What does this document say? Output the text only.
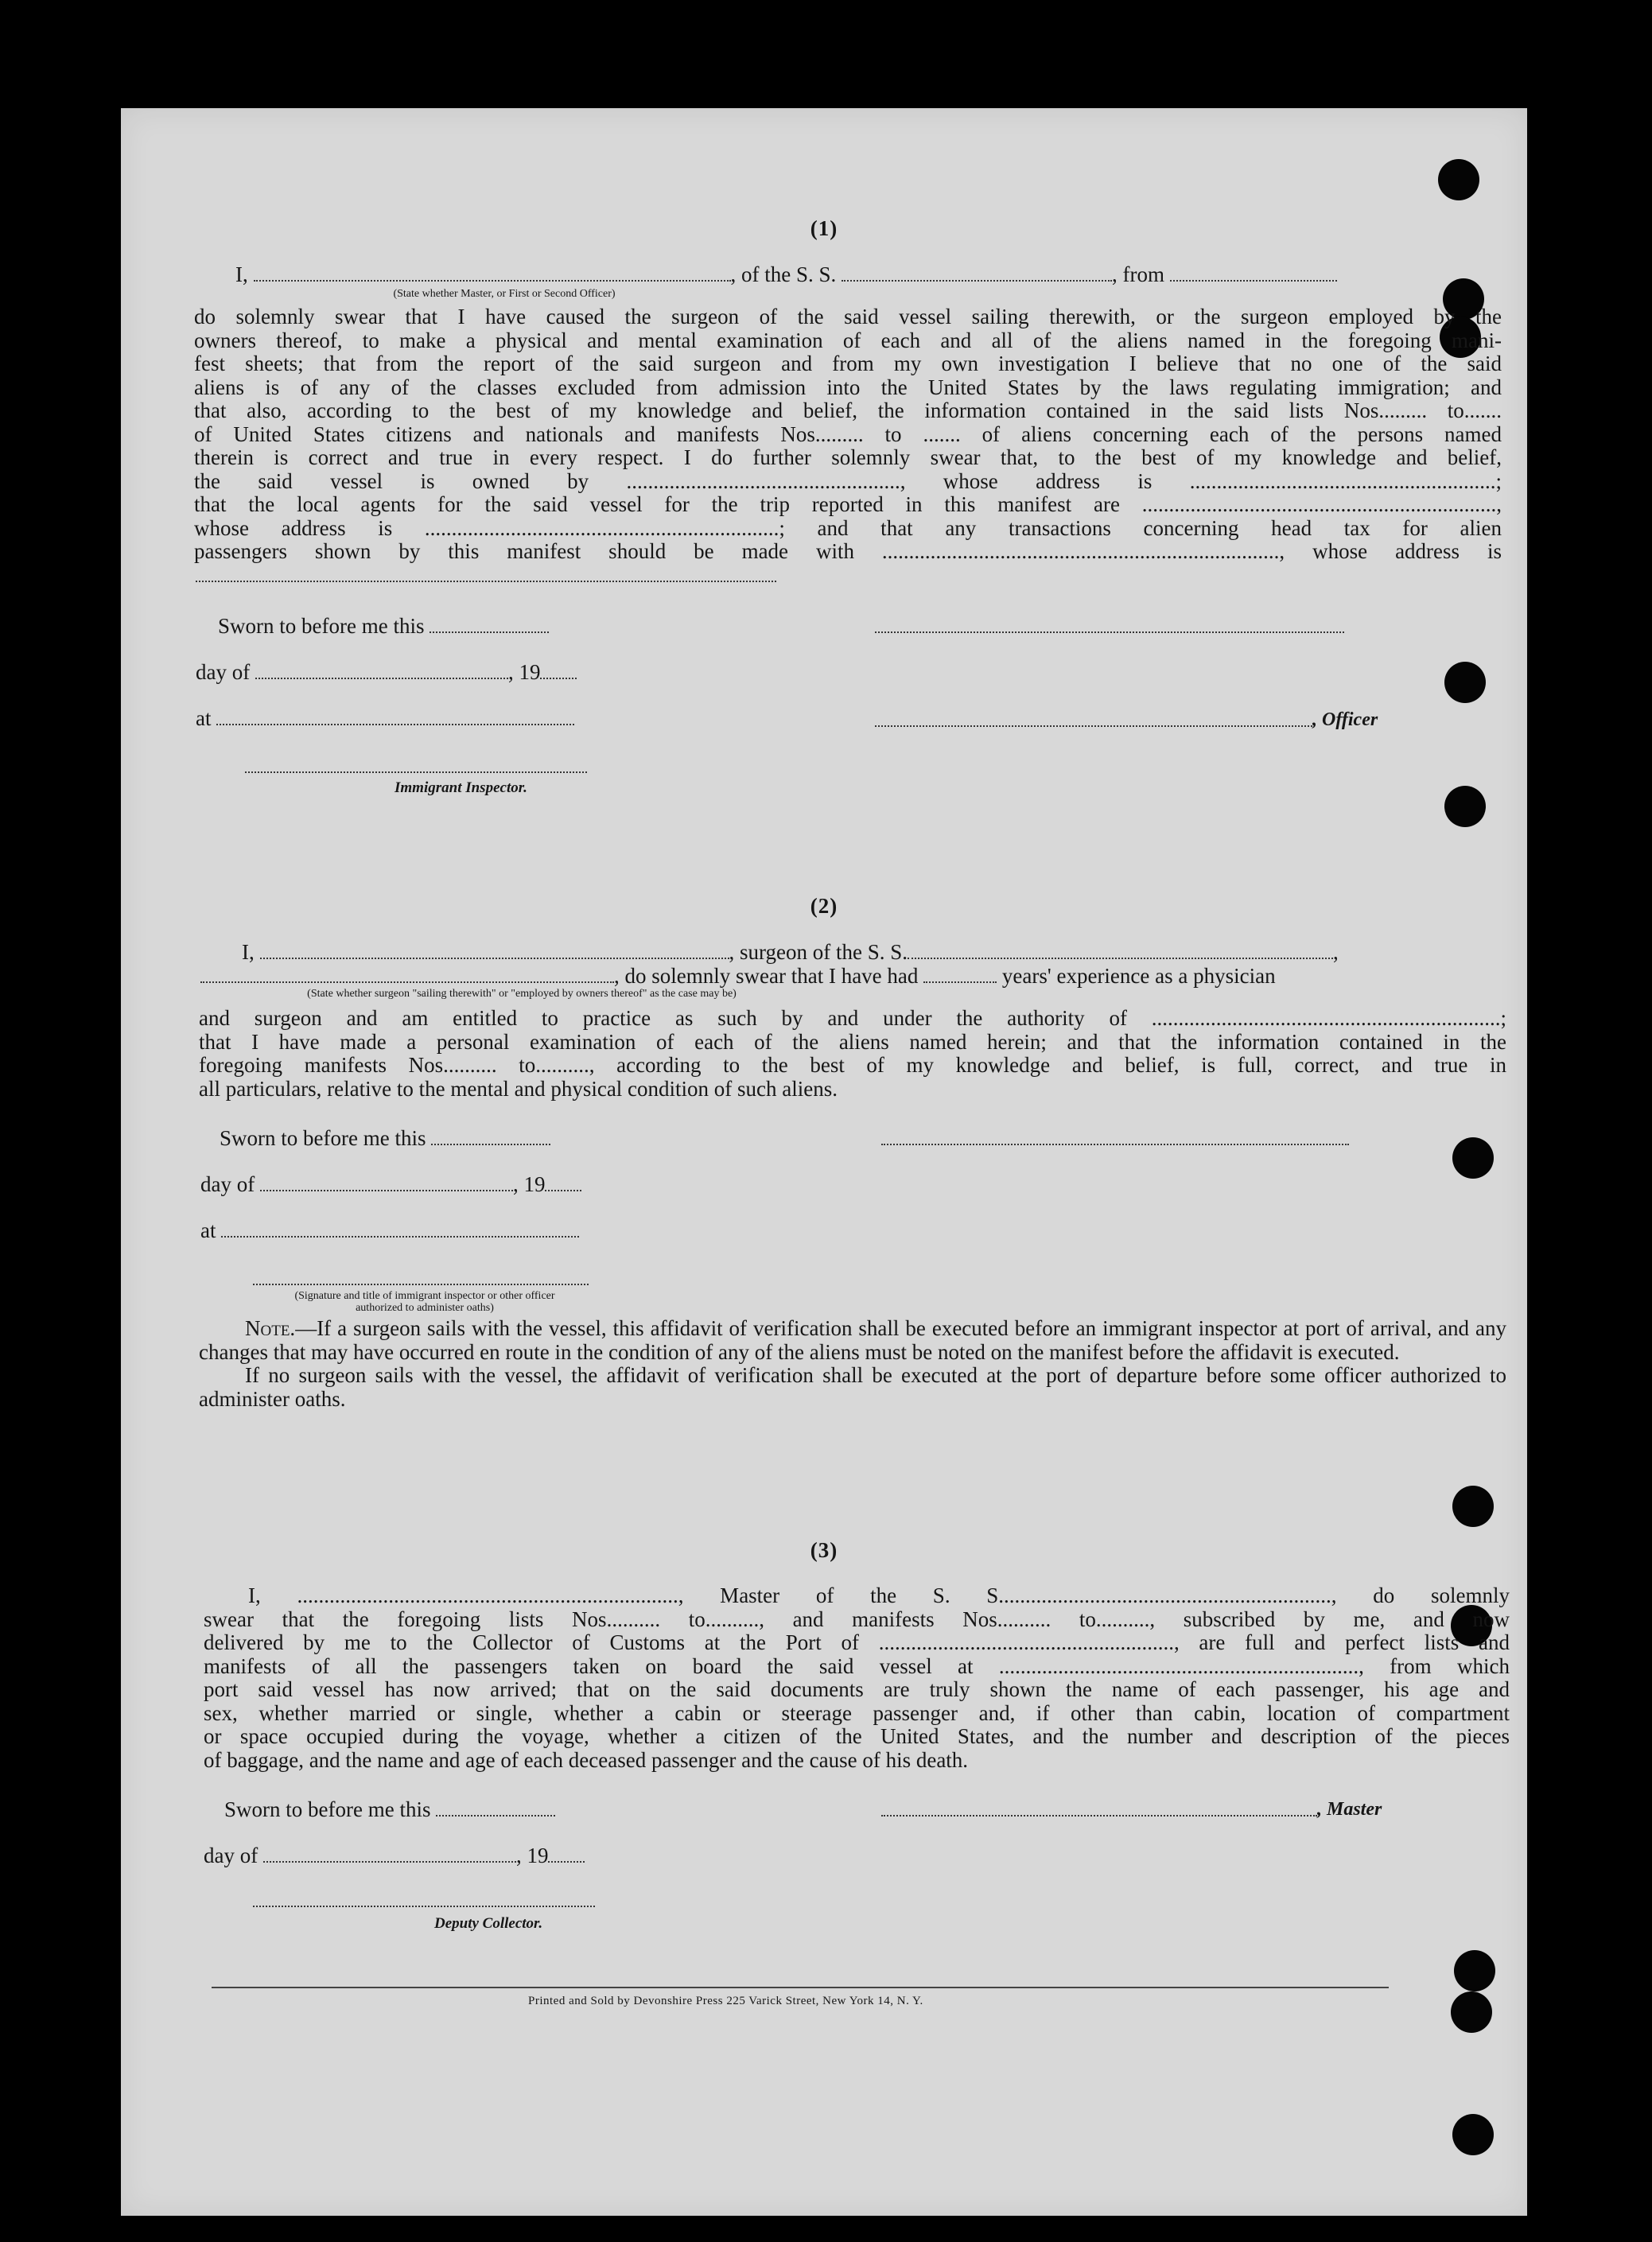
(1)
I,	, of the S. S.	, from
(State whether Master, or First or Second Officer)

do solemnly swear that I have caused the surgeon of the said vessel sailing therewith, or the surgeon employed by the

owners thereof, to make a physical and mental examination of each and all of the aliens named in the foregoing mani-

fest sheets; that from the report of the said surgeon and from my own investigation I believe that no one of the said

aliens is of any of the classes excluded from admission into the United States by the laws regulating immigration; and

that also, according to the best of my knowledge and belief, the information contained in the said lists Nos......... to.......

of United States citizens and nationals and manifests Nos......... to ....... of aliens concerning each of the persons named

therein is correct and true in every respect. I do further solemnly swear that, to the best of my knowledge and belief,

the said vessel is owned by ..................................................., whose address is .........................................................;

that the local agents for the said vessel for the trip reported in this manifest are ..................................................................,

whose address is ..................................................................; and that any transactions concerning head tax for alien

passengers shown by this manifest should be made with .........................................................................., whose address is

Sworn to before me this
day of	, 19
at	, Officer
Immigrant Inspector.
(2)
I,	, surgeon of the S. S.	,
, do solemnly swear that I have had	years' experience as a physician
(State whether surgeon "sailing therewith" or "employed by owners thereof" as the case may be)

and surgeon and am entitled to practice as such by and under the authority of .................................................................;

that I have made a personal examination of each of the aliens named herein; and that the information contained in the

foregoing manifests Nos.......... to.........., according to the best of my knowledge and belief, is full, correct, and true in

all particulars, relative to the mental and physical condition of such aliens.

Sworn to before me this
day of	, 19
at
(Signature and title of immigrant inspector or other officer authorized to administer oaths)

Note.—If a surgeon sails with the vessel, this affidavit of verification shall be executed before an immigrant inspector at port of arrival, and any changes that may have occurred en route in the condition of any of the aliens must be noted on the manifest before the affidavit is executed.

If no surgeon sails with the vessel, the affidavit of verification shall be executed at the port of departure before some officer authorized to administer oaths.

(3)

I, ......................................................................., Master of the S. S.............................................................., do solemnly

swear that the foregoing lists Nos.......... to.........., and manifests Nos.......... to.........., subscribed by me, and now

delivered by me to the Collector of Customs at the Port of ......................................................., are full and perfect lists and

manifests of all the passengers taken on board the said vessel at ..................................................................., from which

port said vessel has now arrived; that on the said documents are truly shown the name of each passenger, his age and

sex, whether married or single, whether a cabin or steerage passenger and, if other than cabin, location of compartment

or space occupied during the voyage, whether a citizen of the United States, and the number and description of the pieces

of baggage, and the name and age of each deceased passenger and the cause of his death.

Sworn to before me this	, Master
day of	, 19
Deputy Collector.
Printed and Sold by Devonshire Press 225 Varick Street, New York 14, N. Y.
